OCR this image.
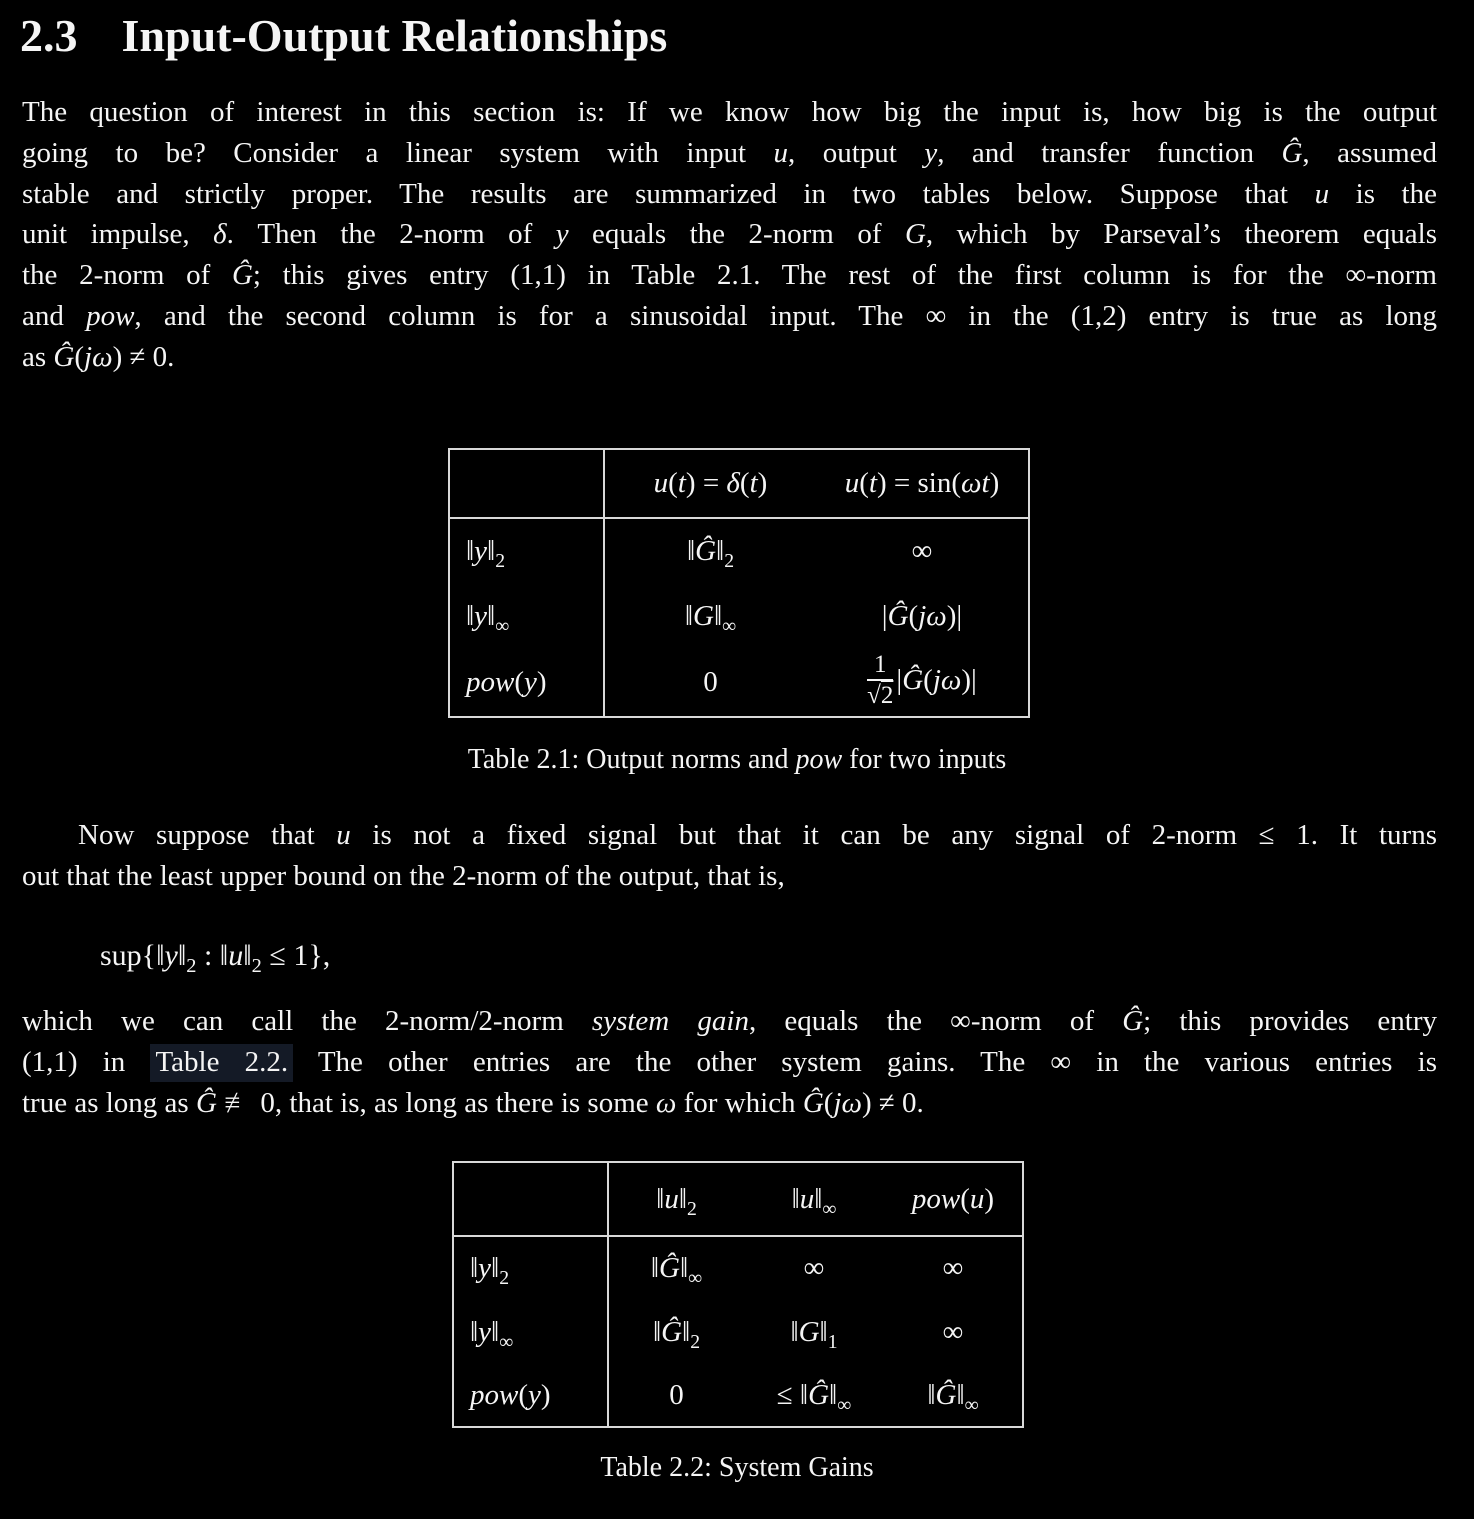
2.3 Input-Output Relationships
The question of interest in this section is: If we know how big the input is, how big is the output
going to be? Consider a linear system with input u, output y, and transfer function Ĝ, assumed
stable and strictly proper. The results are summarized in two tables below. Suppose that u is the
unit impulse, δ. Then the 2-norm of y equals the 2-norm of G, which by Parseval’s theorem equals
the 2-norm of Ĝ; this gives entry (1,1) in Table 2.1. The rest of the first column is for the ∞-norm
and pow, and the second column is for a sinusoidal input. The ∞ in the (1,2) entry is true as long
as Ĝ(jω) ≠ 0.
	u(t) = δ(t)	u(t) = sin(ωt)
$‖y‖_2$	$‖Ĝ‖_2$	∞
$‖y‖_\infty$	$‖G‖_\infty$	|Ĝ(jω)|
pow(y)	0	$\frac{1}{√2}$ |Ĝ(jω)|
Table 2.1: Output norms and pow for two inputs
Now suppose that u is not a fixed signal but that it can be any signal of 2-norm ≤ 1. It turns
out that the least upper bound on the 2-norm of the output, that is,
$sup\{‖y‖_2$ : $‖u‖_2 \le 1$},
which we can call the 2-norm/2-norm system gain, equals the ∞-norm of Ĝ; this provides entry
(1,1) in Table 2.2. The other entries are the other system gains. The ∞ in the various entries is
true as long as Ĝ ≢ 0, that is, as long as there is some ω for which Ĝ(jω) ≠ 0.
	$‖u‖_2$	$‖u‖_\infty$	pow(u)
$‖y‖_2$	$‖Ĝ‖_\infty$	∞	∞
$‖y‖_\infty$	$‖Ĝ‖_2$	$‖G‖_1$	∞
pow(y)	0	≤ $‖Ĝ‖_\infty$	$‖Ĝ‖_\infty$
Table 2.2: System Gains
